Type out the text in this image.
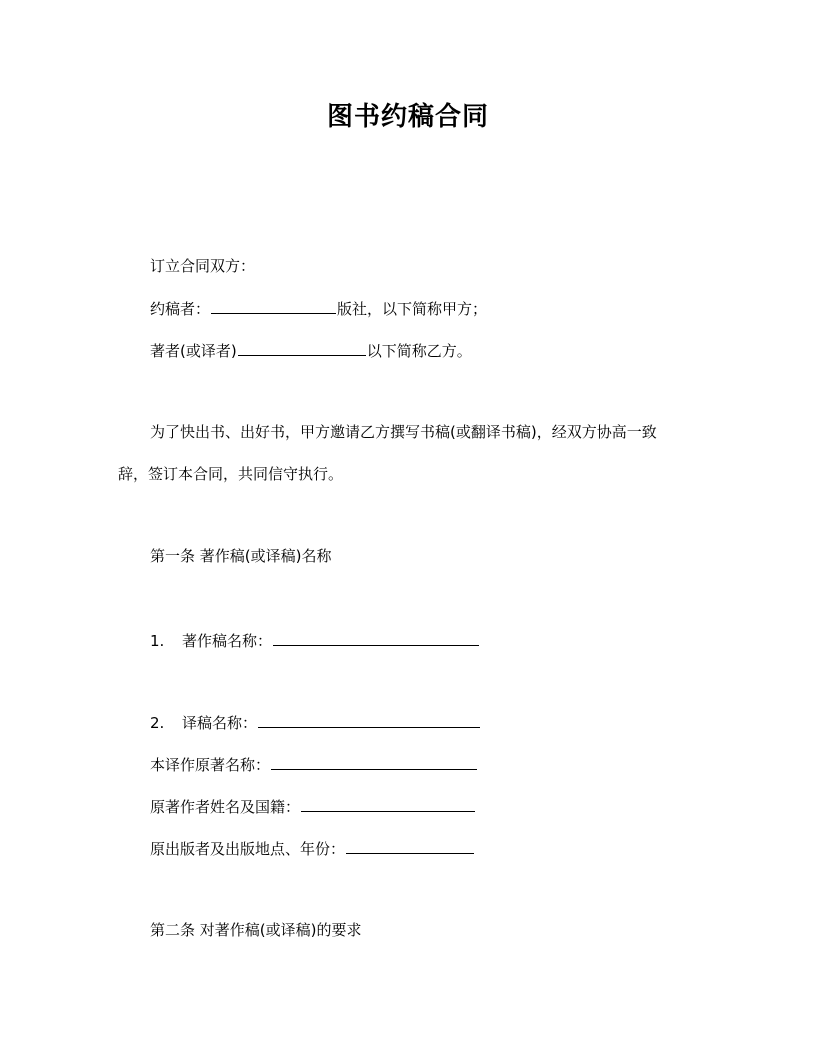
图书约稿合同
订立合同双方：
约稿者：	版社，以下简称甲方；
著者(或译者)	以下简称乙方。
为了快出书、出好书，甲方邀请乙方撰写书稿(或翻译书稿)，经双方协高一致
辞，签订本合同，共同信守执行。
第一条 著作稿(或译稿)名称
1. 著作稿名称：
2. 译稿名称：
本译作原著名称：
原著作者姓名及国籍：
原出版者及出版地点、年份：
第二条 对著作稿(或译稿)的要求
